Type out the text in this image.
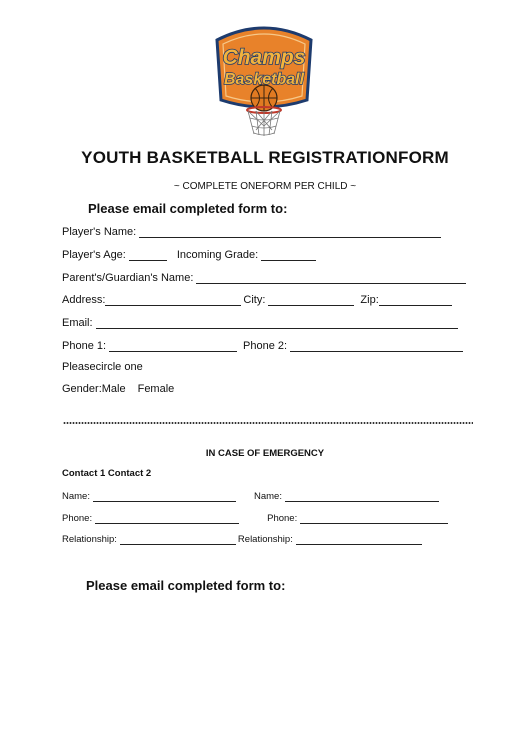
Champs
Basketball
YOUTH BASKETBALL REGISTRATIONFORM
~ COMPLETE ONEFORM PER CHILD ~
Please email completed form to:
Player's Name:
Player's Age:	Incoming Grade:
Parent's/Guardian's Name:
Address:	City:	Zip:
Email:
Phone 1:	Phone 2:
Pleasecircle one
Gender:Male Female
IN CASE OF EMERGENCY
Contact 1 Contact 2
Name:	Name:
Phone:	Phone:
Relationship:	Relationship:
Please email completed form to:
